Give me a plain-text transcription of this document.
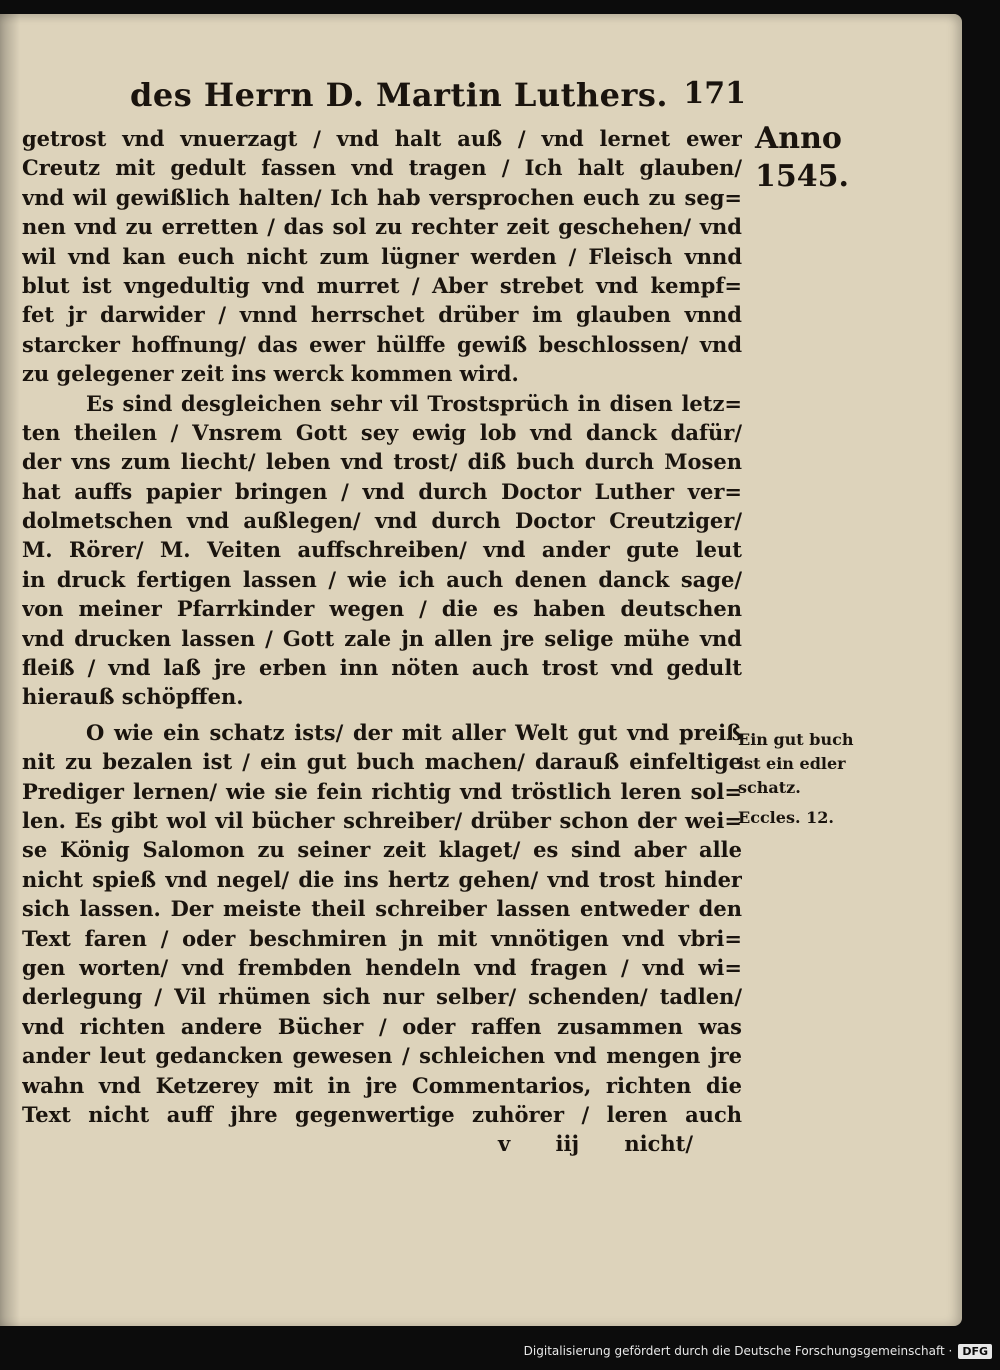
des Herrn D. Martin Luthers. 171
Anno
1545.
getrost vnd vnuerzagt / vnd halt auß / vnd lernet ewer
Creutz mit gedult fassen vnd tragen / Ich halt glauben/
vnd wil gewißlich halten/ Ich hab versprochen euch zu seg=
nen vnd zu erretten / das sol zu rechter zeit geschehen/ vnd
wil vnd kan euch nicht zum lügner werden / Fleisch vnnd
blut ist vngedultig vnd murret / Aber strebet vnd kempf=
fet jr darwider / vnnd herrschet drüber im glauben vnnd
starcker hoffnung/ das ewer hülffe gewiß beschlossen/ vnd
zu gelegener zeit ins werck kommen wird.
Es sind desgleichen sehr vil Trostsprüch in disen letz=
ten theilen / Vnsrem Gott sey ewig lob vnd danck dafür/
der vns zum liecht/ leben vnd trost/ diß buch durch Mosen
hat auffs papier bringen / vnd durch Doctor Luther ver=
dolmetschen vnd außlegen/ vnd durch Doctor Creutziger/
M. Rörer/ M. Veiten auffschreiben/ vnd ander gute leut
in druck fertigen lassen / wie ich auch denen danck sage/
von meiner Pfarrkinder wegen / die es haben deutschen
vnd drucken lassen / Gott zale jn allen jre selige mühe vnd
fleiß / vnd laß jre erben inn nöten auch trost vnd gedult
hierauß schöpffen.
O wie ein schatz ists/ der mit aller Welt gut vnd preiß
nit zu bezalen ist / ein gut buch machen/ darauß einfeltige
Prediger lernen/ wie sie fein richtig vnd tröstlich leren sol=
len. Es gibt wol vil bücher schreiber/ drüber schon der wei=
se König Salomon zu seiner zeit klaget/ es sind aber alle
nicht spieß vnd negel/ die ins hertz gehen/ vnd trost hinder
sich lassen. Der meiste theil schreiber lassen entweder den
Text faren / oder beschmiren jn mit vnnötigen vnd vbri=
gen worten/ vnd frembden hendeln vnd fragen / vnd wi=
derlegung / Vil rhümen sich nur selber/ schenden/ tadlen/
vnd richten andere Bücher / oder raffen zusammen was
ander leut gedancken gewesen / schleichen vnd mengen jre
wahn vnd Ketzerey mit in jre Commentarios, richten die
Text nicht auff jhre gegenwertige zuhörer / leren auch
v iij nicht/
Ein gut buch
ist ein edler
schatz.
Eccles. 12.
Digitalisierung gefördert durch die Deutsche Forschungsgemeinschaft · DFG
